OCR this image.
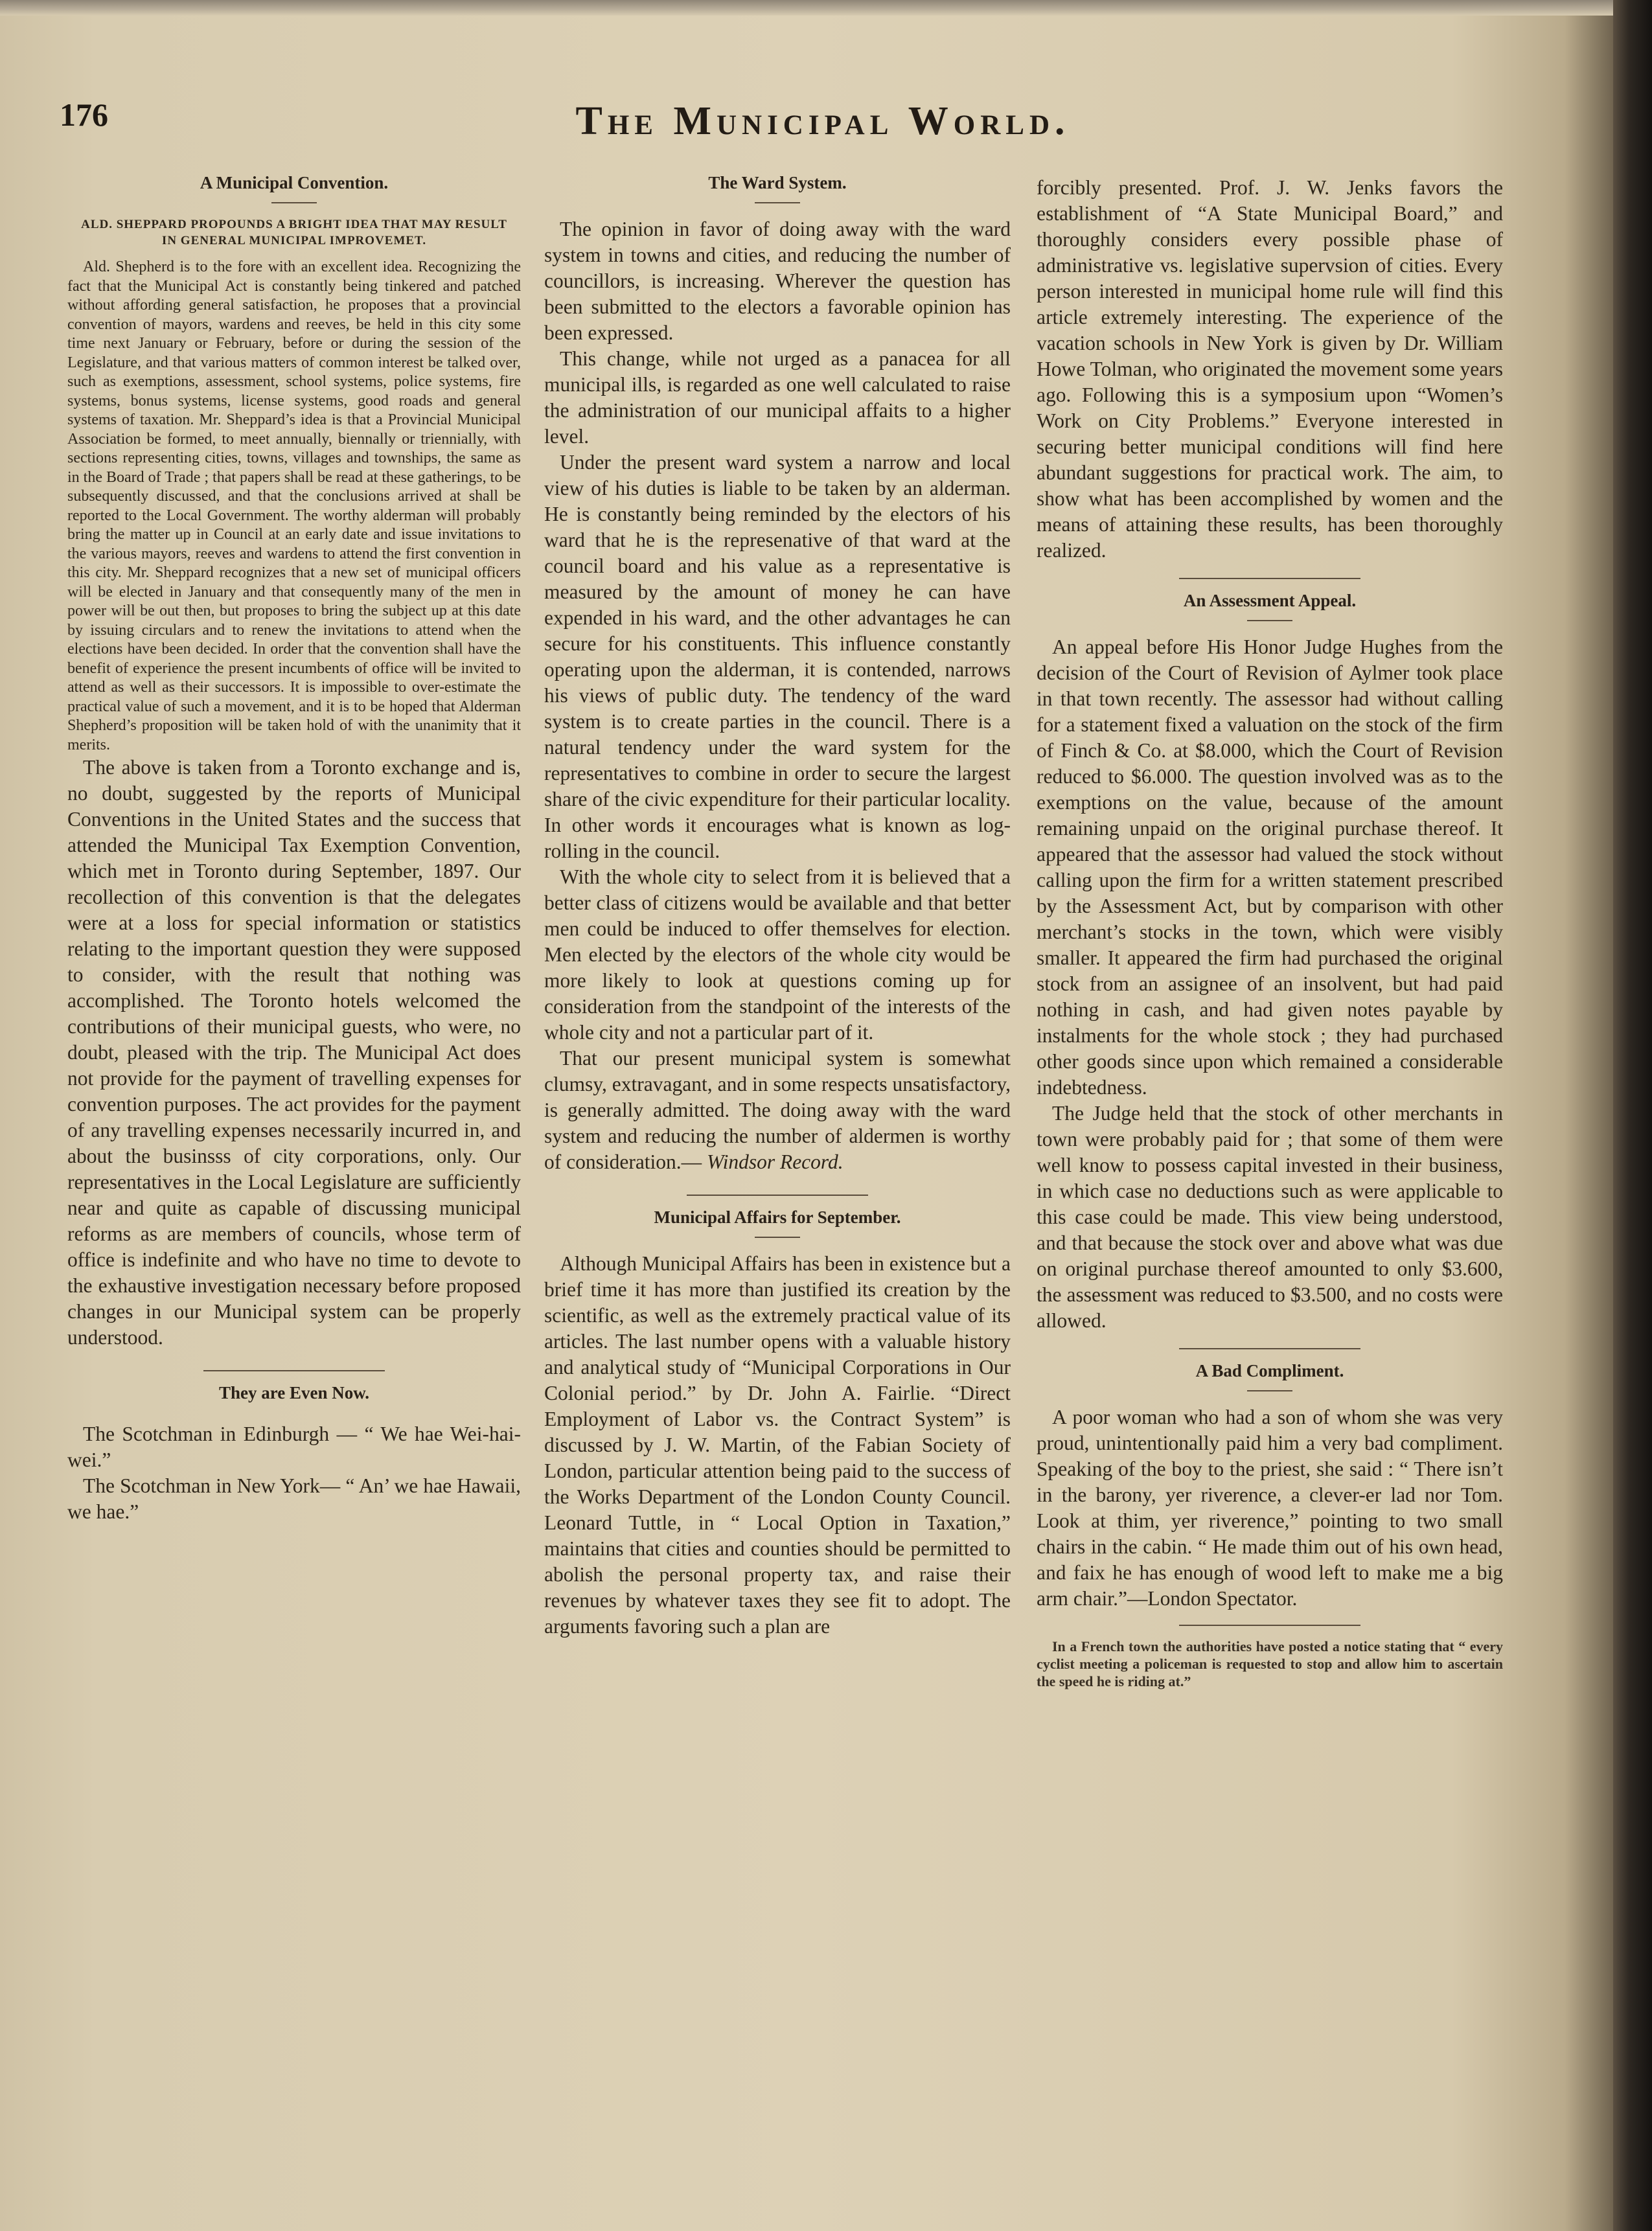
176	The Municipal World.
A Municipal Convention.
ALD. SHEPPARD PROPOUNDS A BRIGHT IDEA THAT MAY RESULT IN GENERAL MUNICIPAL IMPROVEMET.

Ald. Shepherd is to the fore with an excellent idea. Recognizing the fact that the Municipal Act is constantly being tinkered and patched without affording general satisfaction, he proposes that a provincial convention of mayors, wardens and reeves, be held in this city some time next January or February, before or during the session of the Legislature, and that various matters of common interest be talked over, such as exemptions, assessment, school systems, police systems, fire systems, bonus systems, license systems, good roads and general systems of taxation. Mr. Sheppard’s idea is that a Provincial Municipal Association be formed, to meet annually, biennally or triennially, with sections representing cities, towns, villages and townships, the same as in the Board of Trade ; that papers shall be read at these gatherings, to be subsequently discussed, and that the conclusions arrived at shall be reported to the Local Government. The worthy alderman will probably bring the matter up in Council at an early date and issue invitations to the various mayors, reeves and wardens to attend the first convention in this city. Mr. Sheppard recognizes that a new set of municipal officers will be elected in January and that consequently many of the men in power will be out then, but proposes to bring the subject up at this date by issuing circulars and to renew the invitations to attend when the elections have been decided. In order that the convention shall have the benefit of experience the present incumbents of office will be invited to attend as well as their successors. It is impossible to over-estimate the practical value of such a movement, and it is to be hoped that Alderman Shepherd’s proposition will be taken hold of with the unanimity that it merits.

The above is taken from a Toronto exchange and is, no doubt, suggested by the reports of Municipal Conventions in the United States and the success that attended the Municipal Tax Exemption Convention, which met in Toronto during September, 1897. Our recollection of this convention is that the delegates were at a loss for special information or statistics relating to the important question they were supposed to consider, with the result that nothing was accomplished. The Toronto hotels welcomed the contributions of their municipal guests, who were, no doubt, pleased with the trip. The Municipal Act does not provide for the payment of travelling expenses for convention purposes. The act provides for the payment of any travelling expenses necessarily incurred in, and about the businsss of city corporations, only. Our representatives in the Local Legislature are sufficiently near and quite as capable of discussing municipal reforms as are members of councils, whose term of office is indefinite and who have no time to devote to the exhaustive investigation necessary before proposed changes in our Municipal system can be properly understood.

They are Even Now.

The Scotchman in Edinburgh — “ We hae Wei-hai-wei.”

The Scotchman in New York— “ An’ we hae Hawaii, we hae.”

The Ward System.

The opinion in favor of doing away with the ward system in towns and cities, and reducing the number of councillors, is increasing. Wherever the question has been submitted to the electors a favorable opinion has been expressed.

This change, while not urged as a panacea for all municipal ills, is regarded as one well calculated to raise the administration of our municipal affaits to a higher level.

Under the present ward system a narrow and local view of his duties is liable to be taken by an alderman. He is constantly being reminded by the electors of his ward that he is the represenative of that ward at the council board and his value as a representative is measured by the amount of money he can have expended in his ward, and the other advantages he can secure for his constituents. This influence constantly operating upon the alderman, it is contended, narrows his views of public duty. The tendency of the ward system is to create parties in the council. There is a natural tendency under the ward system for the representatives to combine in order to secure the largest share of the civic expenditure for their particular locality. In other words it encourages what is known as log-rolling in the council.

With the whole city to select from it is believed that a better class of citizens would be available and that better men could be induced to offer themselves for election. Men elected by the electors of the whole city would be more likely to look at questions coming up for consideration from the standpoint of the interests of the whole city and not a particular part of it.

That our present municipal system is somewhat clumsy, extravagant, and in some respects unsatisfactory, is generally admitted. The doing away with the ward system and reducing the number of aldermen is worthy of consideration.— Windsor Record.

Municipal Affairs for September.

Although Municipal Affairs has been in existence but a brief time it has more than justified its creation by the scientific, as well as the extremely practical value of its articles. The last number opens with a valuable history and analytical study of “Municipal Corporations in Our Colonial period.” by Dr. John A. Fairlie. “Direct Employment of Labor vs. the Contract System” is discussed by J. W. Martin, of the Fabian Society of London, particular attention being paid to the success of the Works Department of the London County Council. Leonard Tuttle, in “ Local Option in Taxation,” maintains that cities and counties should be permitted to abolish the personal property tax, and raise their revenues by whatever taxes they see fit to adopt. The arguments favoring such a plan are

forcibly presented. Prof. J. W. Jenks favors the establishment of “A State Municipal Board,” and thoroughly considers every possible phase of administrative vs. legislative supervsion of cities. Every person interested in municipal home rule will find this article extremely interesting. The experience of the vacation schools in New York is given by Dr. William Howe Tolman, who originated the movement some years ago. Following this is a symposium upon “Women’s Work on City Problems.” Everyone interested in securing better municipal conditions will find here abundant suggestions for practical work. The aim, to show what has been accomplished by women and the means of attaining these results, has been thoroughly realized.

An Assessment Appeal.

An appeal before His Honor Judge Hughes from the decision of the Court of Revision of Aylmer took place in that town recently. The assessor had without calling for a statement fixed a valuation on the stock of the firm of Finch & Co. at $8.000, which the Court of Revision reduced to $6.000. The question involved was as to the exemptions on the value, because of the amount remaining unpaid on the original purchase thereof. It appeared that the assessor had valued the stock without calling upon the firm for a written statement prescribed by the Assessment Act, but by comparison with other merchant’s stocks in the town, which were visibly smaller. It appeared the firm had purchased the original stock from an assignee of an insolvent, but had paid nothing in cash, and had given notes payable by instalments for the whole stock ; they had purchased other goods since upon which remained a considerable indebtedness.

The Judge held that the stock of other merchants in town were probably paid for ; that some of them were well know to possess capital invested in their business, in which case no deductions such as were applicable to this case could be made. This view being understood, and that because the stock over and above what was due on original purchase thereof amounted to only $3.600, the assessment was reduced to $3.500, and no costs were allowed.

A Bad Compliment.

A poor woman who had a son of whom she was very proud, unintentionally paid him a very bad compliment. Speaking of the boy to the priest, she said : “ There isn’t in the barony, yer riverence, a clever-er lad nor Tom. Look at thim, yer riverence,” pointing to two small chairs in the cabin. “ He made thim out of his own head, and faix he has enough of wood left to make me a big arm chair.”—London Spectator.

In a French town the authorities have posted a notice stating that “ every cyclist meeting a policeman is requested to stop and allow him to ascertain the speed he is riding at.”
